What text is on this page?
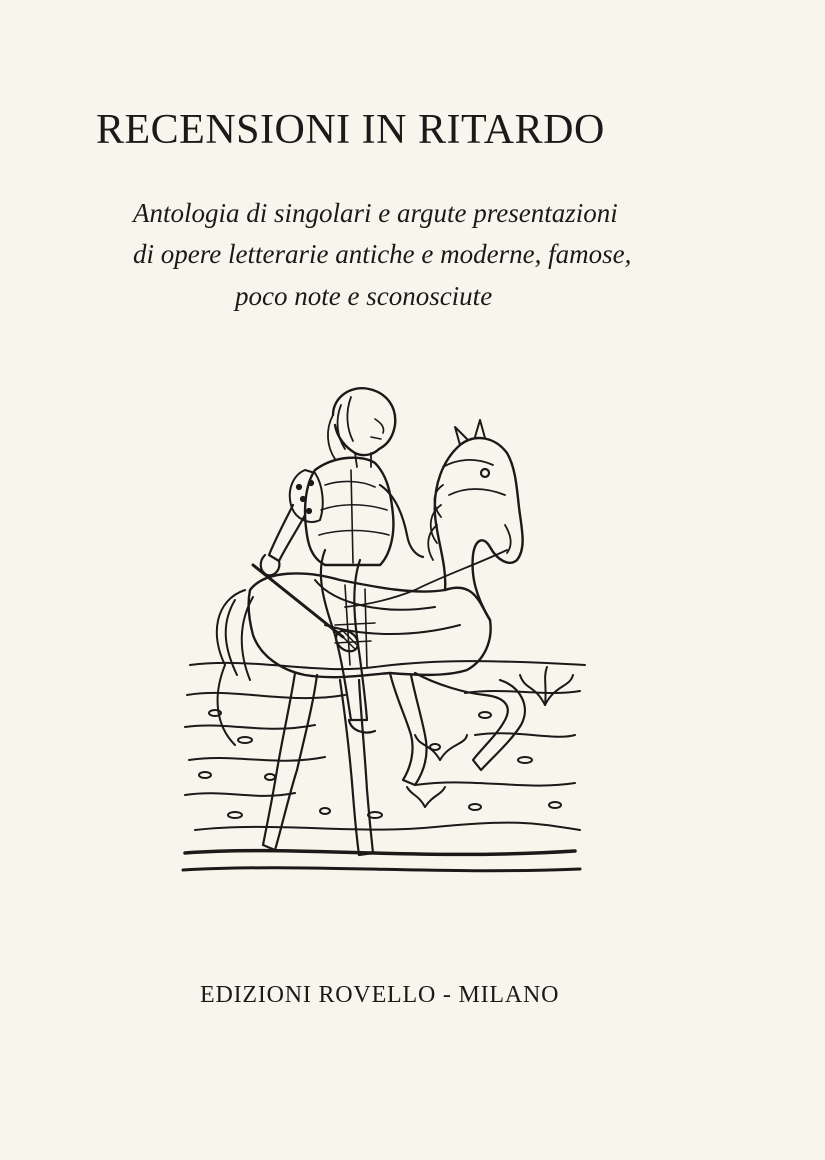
RECENSIONI IN RITARDO

Antologia di singolari e argute presentazioni

di opere letterarie antiche e moderne, famose,

poco note e sconosciute

EDIZIONI ROVELLO - MILANO
